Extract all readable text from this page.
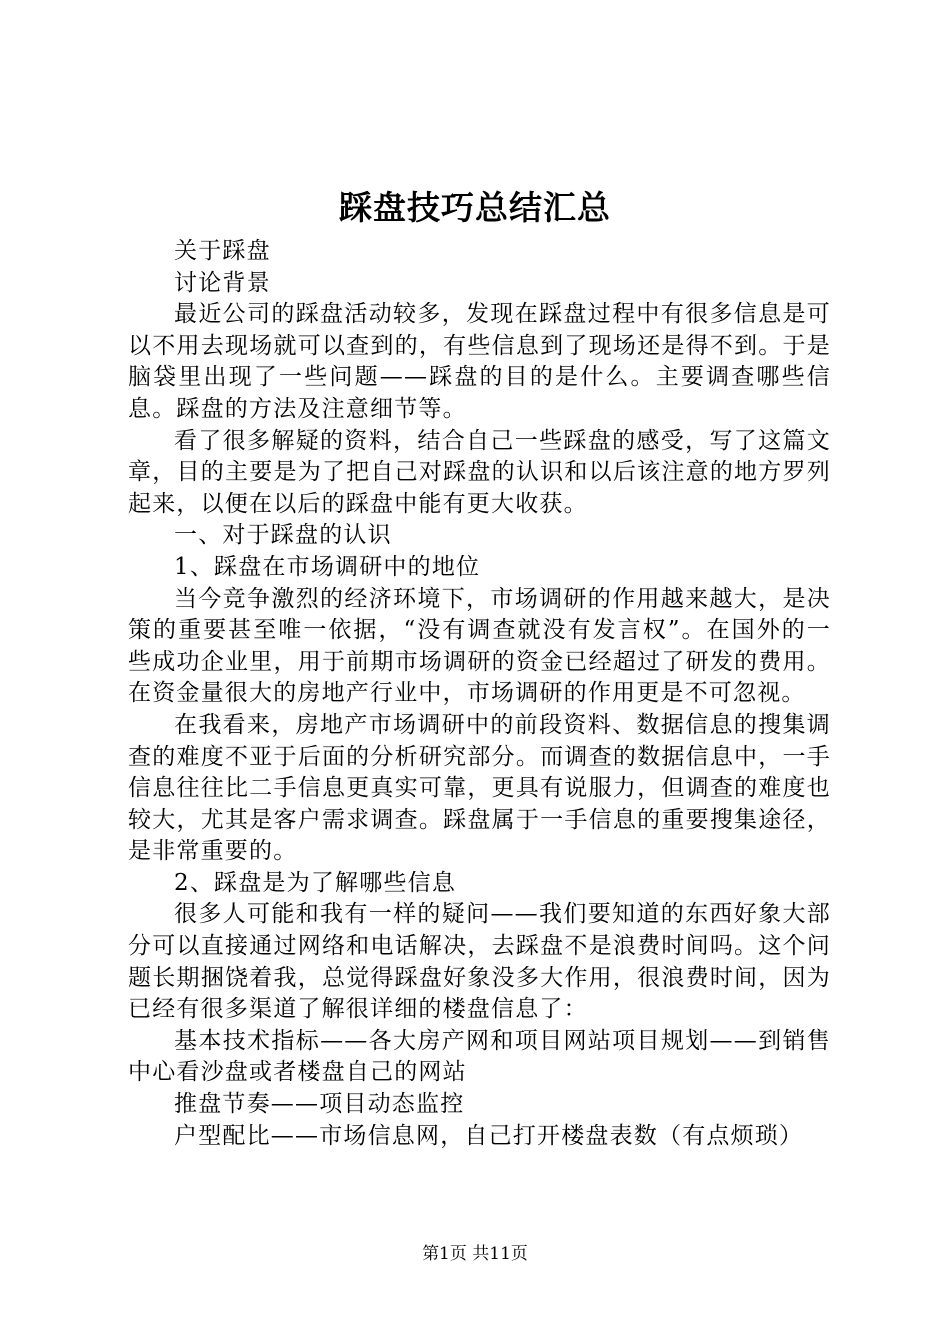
踩盘技巧总结汇总

关于踩盘

讨论背景

最近公司的踩盘活动较多，发现在踩盘过程中有很多信息是可以不用去现场就可以查到的，有些信息到了现场还是得不到。于是脑袋里出现了一些问题——踩盘的目的是什么。主要调查哪些信息。踩盘的方法及注意细节等。

看了很多解疑的资料，结合自己一些踩盘的感受，写了这篇文章，目的主要是为了把自己对踩盘的认识和以后该注意的地方罗列起来，以便在以后的踩盘中能有更大收获。

一、对于踩盘的认识

1、踩盘在市场调研中的地位

当今竞争激烈的经济环境下，市场调研的作用越来越大，是决策的重要甚至唯一依据，“没有调查就没有发言权”。在国外的一些成功企业里，用于前期市场调研的资金已经超过了研发的费用。在资金量很大的房地产行业中，市场调研的作用更是不可忽视。

在我看来，房地产市场调研中的前段资料、数据信息的搜集调查的难度不亚于后面的分析研究部分。而调查的数据信息中，一手信息往往比二手信息更真实可靠，更具有说服力，但调查的难度也较大，尤其是客户需求调查。踩盘属于一手信息的重要搜集途径，是非常重要的。

2、踩盘是为了解哪些信息

很多人可能和我有一样的疑问——我们要知道的东西好象大部分可以直接通过网络和电话解决，去踩盘不是浪费时间吗。这个问题长期捆饶着我，总觉得踩盘好象没多大作用，很浪费时间，因为已经有很多渠道了解很详细的楼盘信息了：

基本技术指标——各大房产网和项目网站项目规划——到销售中心看沙盘或者楼盘自己的网站

推盘节奏——项目动态监控

户型配比——市场信息网，自己打开楼盘表数（有点烦琐）

第1页 共11页
